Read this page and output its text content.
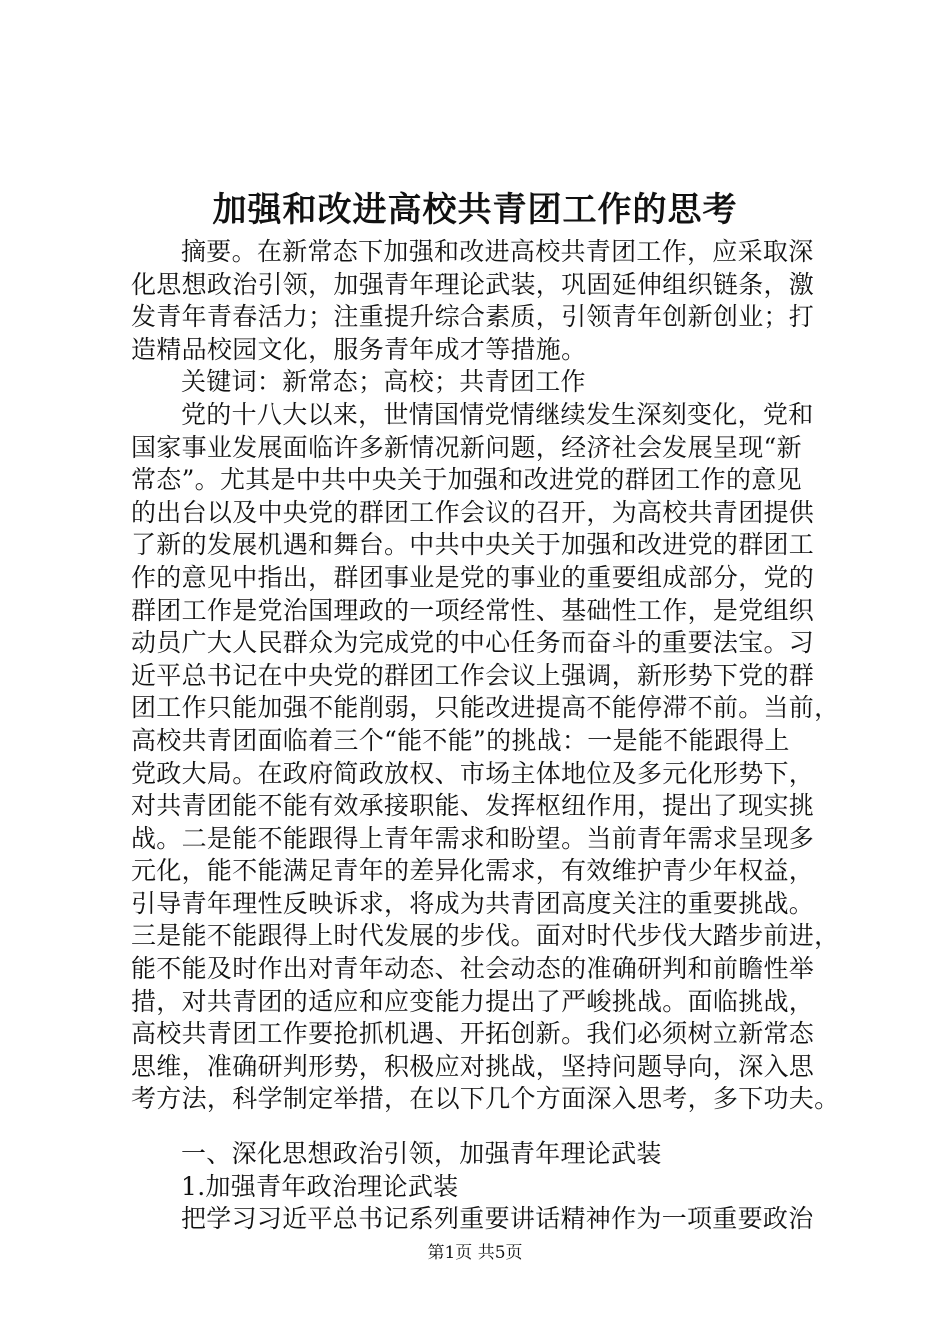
加强和改进高校共青团工作的思考
摘要。在新常态下加强和改进高校共青团工作，应采取深
化思想政治引领，加强青年理论武装，巩固延伸组织链条，激
发青年青春活力；注重提升综合素质，引领青年创新创业；打
造精品校园文化，服务青年成才等措施。
关键词：新常态；高校；共青团工作
党的十八大以来，世情国情党情继续发生深刻变化，党和
国家事业发展面临许多新情况新问题，经济社会发展呈现“新
常态”。尤其是中共中央关于加强和改进党的群团工作的意见
的出台以及中央党的群团工作会议的召开，为高校共青团提供
了新的发展机遇和舞台。中共中央关于加强和改进党的群团工
作的意见中指出，群团事业是党的事业的重要组成部分，党的
群团工作是党治国理政的一项经常性、基础性工作，是党组织
动员广大人民群众为完成党的中心任务而奋斗的重要法宝。习
近平总书记在中央党的群团工作会议上强调，新形势下党的群
团工作只能加强不能削弱，只能改进提高不能停滞不前。当前，
高校共青团面临着三个“能不能”的挑战：一是能不能跟得上
党政大局。在政府简政放权、市场主体地位及多元化形势下，
对共青团能不能有效承接职能、发挥枢纽作用，提出了现实挑
战。二是能不能跟得上青年需求和盼望。当前青年需求呈现多
元化，能不能满足青年的差异化需求，有效维护青少年权益，
引导青年理性反映诉求，将成为共青团高度关注的重要挑战。
三是能不能跟得上时代发展的步伐。面对时代步伐大踏步前进，
能不能及时作出对青年动态、社会动态的准确研判和前瞻性举
措，对共青团的适应和应变能力提出了严峻挑战。面临挑战，
高校共青团工作要抢抓机遇、开拓创新。我们必须树立新常态
思维，准确研判形势，积极应对挑战，坚持问题导向，深入思
考方法，科学制定举措，在以下几个方面深入思考，多下功夫。
一、深化思想政治引领，加强青年理论武装
1.加强青年政治理论武装
把学习习近平总书记系列重要讲话精神作为一项重要政治
第1页 共5页
